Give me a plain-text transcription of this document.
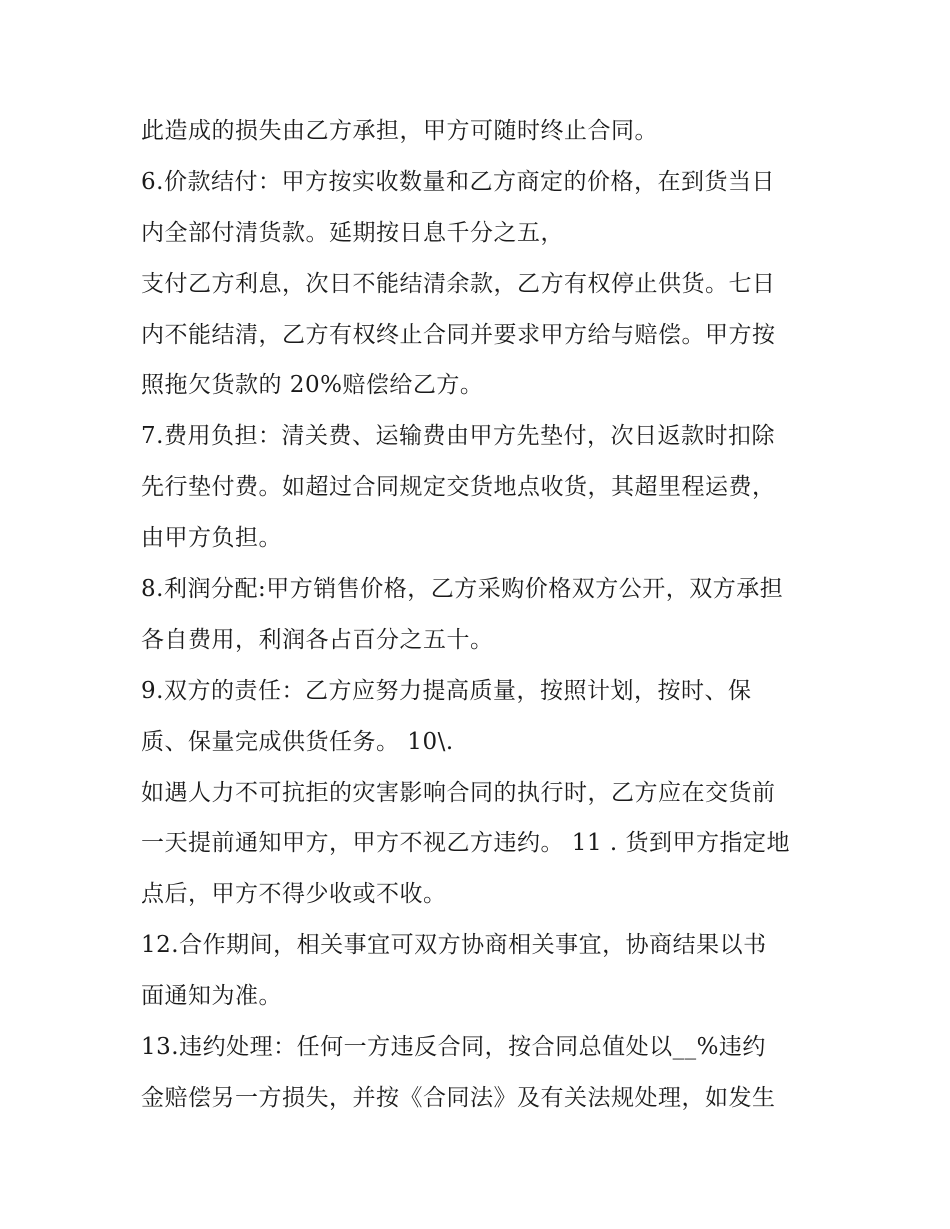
此造成的损失由乙方承担，甲方可随时终止合同。
6.价款结付：甲方按实收数量和乙方商定的价格，在到货当日
内全部付清货款。延期按日息千分之五，
支付乙方利息，次日不能结清余款，乙方有权停止供货。七日
内不能结清，乙方有权终止合同并要求甲方给与赔偿。甲方按
照拖欠货款的 20%赔偿给乙方。
7.费用负担：清关费、运输费由甲方先垫付，次日返款时扣除
先行垫付费。如超过合同规定交货地点收货，其超里程运费，
由甲方负担。
8.利润分配:甲方销售价格，乙方采购价格双方公开，双方承担
各自费用，利润各占百分之五十。
9.双方的责任：乙方应努力提高质量，按照计划，按时、保
质、保量完成供货任务。 10\.
如遇人力不可抗拒的灾害影响合同的执行时，乙方应在交货前
一天提前通知甲方，甲方不视乙方违约。 11 . 货到甲方指定地
点后，甲方不得少收或不收。
12.合作期间，相关事宜可双方协商相关事宜，协商结果以书
面通知为准。
13.违约处理：任何一方违反合同，按合同总值处以__%违约
金赔偿另一方损失，并按《合同法》及有关法规处理，如发生
